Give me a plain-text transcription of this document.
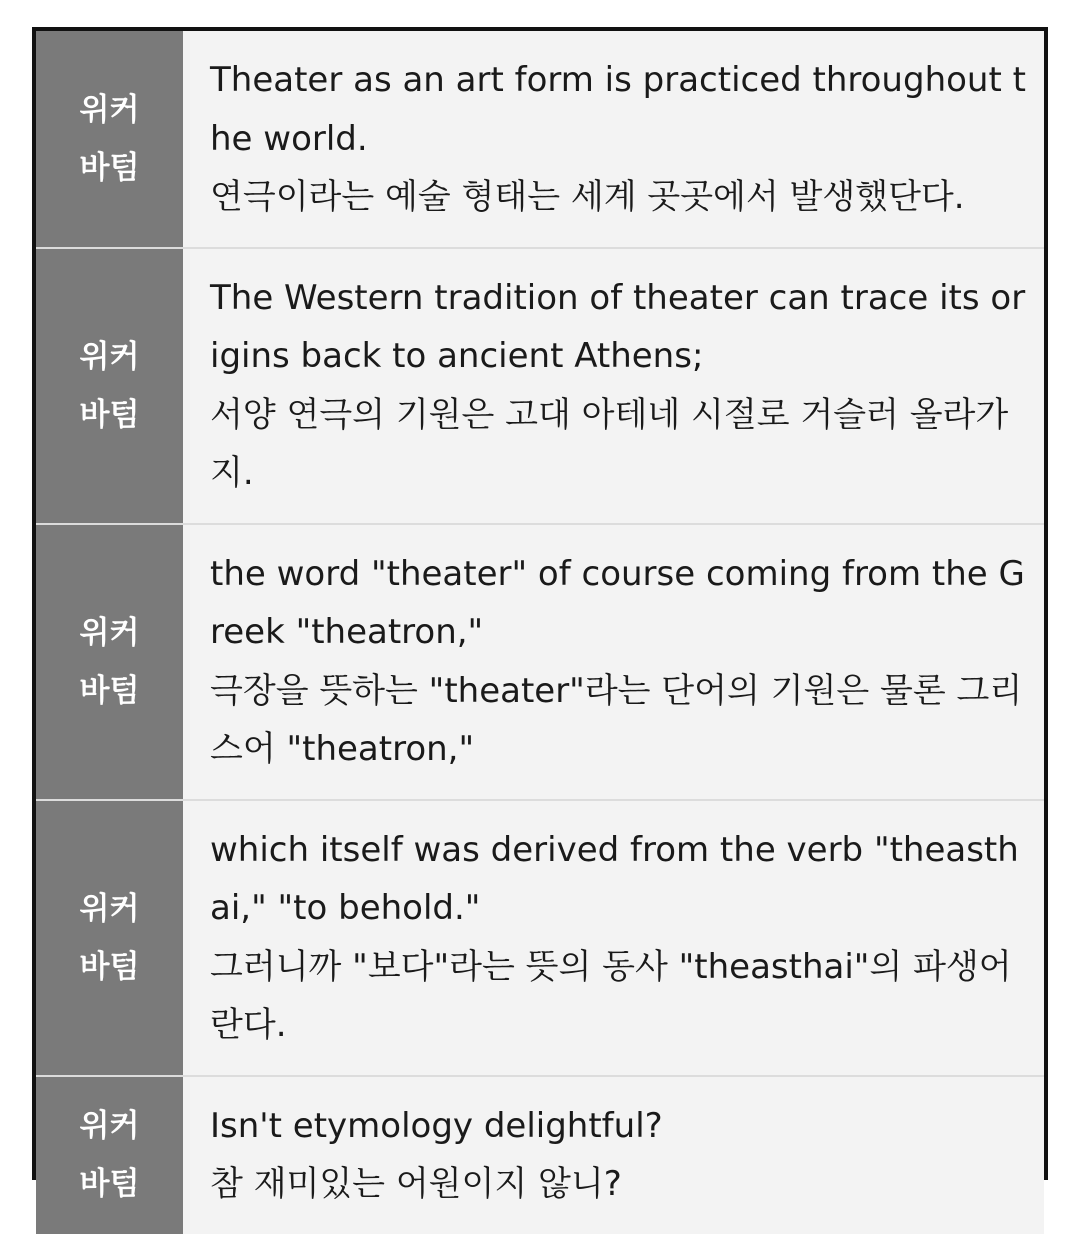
위커바텀	Theater as an art form is practiced throughout the world.
연극이라는 예술 형태는 세계 곳곳에서 발생했단다.

위커바텀	The Western tradition of theater can trace its origins back to ancient Athens;
서양 연극의 기원은 고대 아테네 시절로 거슬러 올라가지.

위커바텀	the word "theater" of course coming from the Greek "theatron,"
극장을 뜻하는 "theater"라는 단어의 기원은 물론 그리스어 "theatron,"

위커바텀	which itself was derived from the verb "theasthai," "to behold."
그러니까 "보다"라는 뜻의 동사 "theasthai"의 파생어란다.

위커바텀	Isn't etymology delightful?
참 재미있는 어원이지 않니?
